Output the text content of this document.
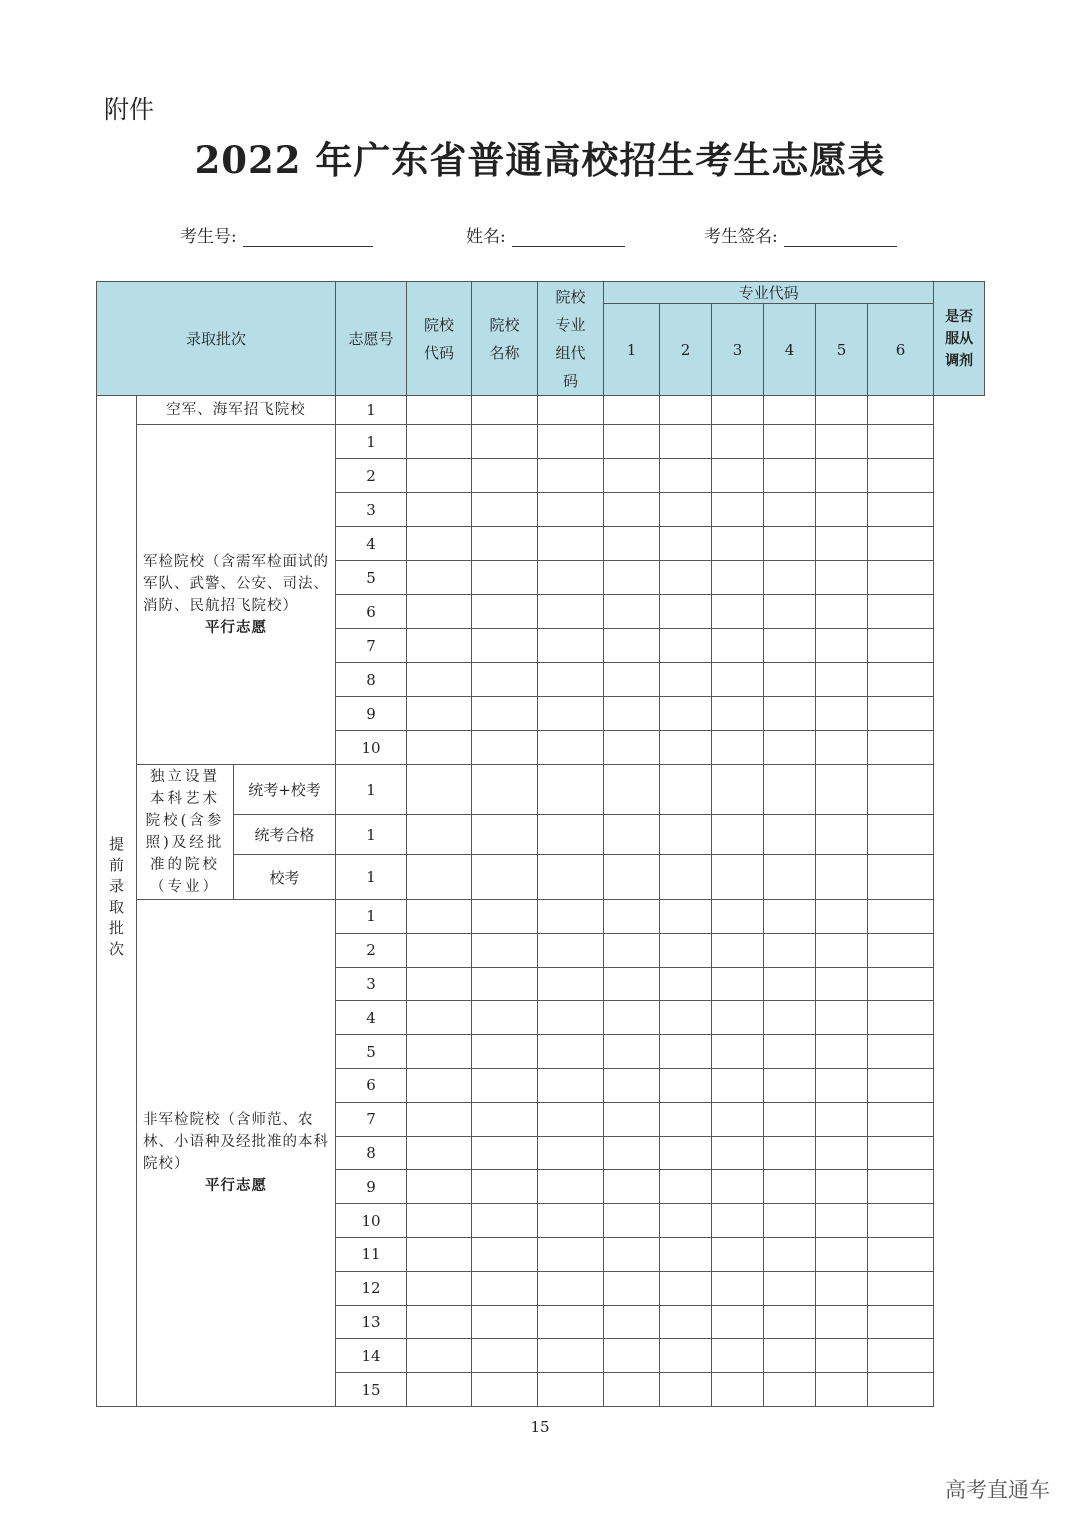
附件
2022 年广东省普通高校招生考生志愿表
考生号:	姓名:	考生签名:
录取批次			志愿号	院校代码	院校名称	院校专业组代码	专业代码						是否服从调剂

							1	2	3	4	5	6	
提前录取批次	空军、海军招飞院校		1										
	军检院校（含需军检面试的军队、武警、公安、司法、消防、民航招飞院校）
平行志愿		1										
			2										
			3										
			4										
			5										
			6										
			7										
			8										
			9										
			10										
	独立设置本科艺术院校(含参照)及经批准的院校（专业）	统考+校考	1										
		统考合格	1										
		校考	1										
	非军检院校（含师范、农林、小语种及经批准的本科院校）
平行志愿		1										
			2										
			3										
			4										
			5										
			6										
			7										
			8										
			9										
			10										
			11										
			12										
			13										
			14										
			15										
15
高考直通车
